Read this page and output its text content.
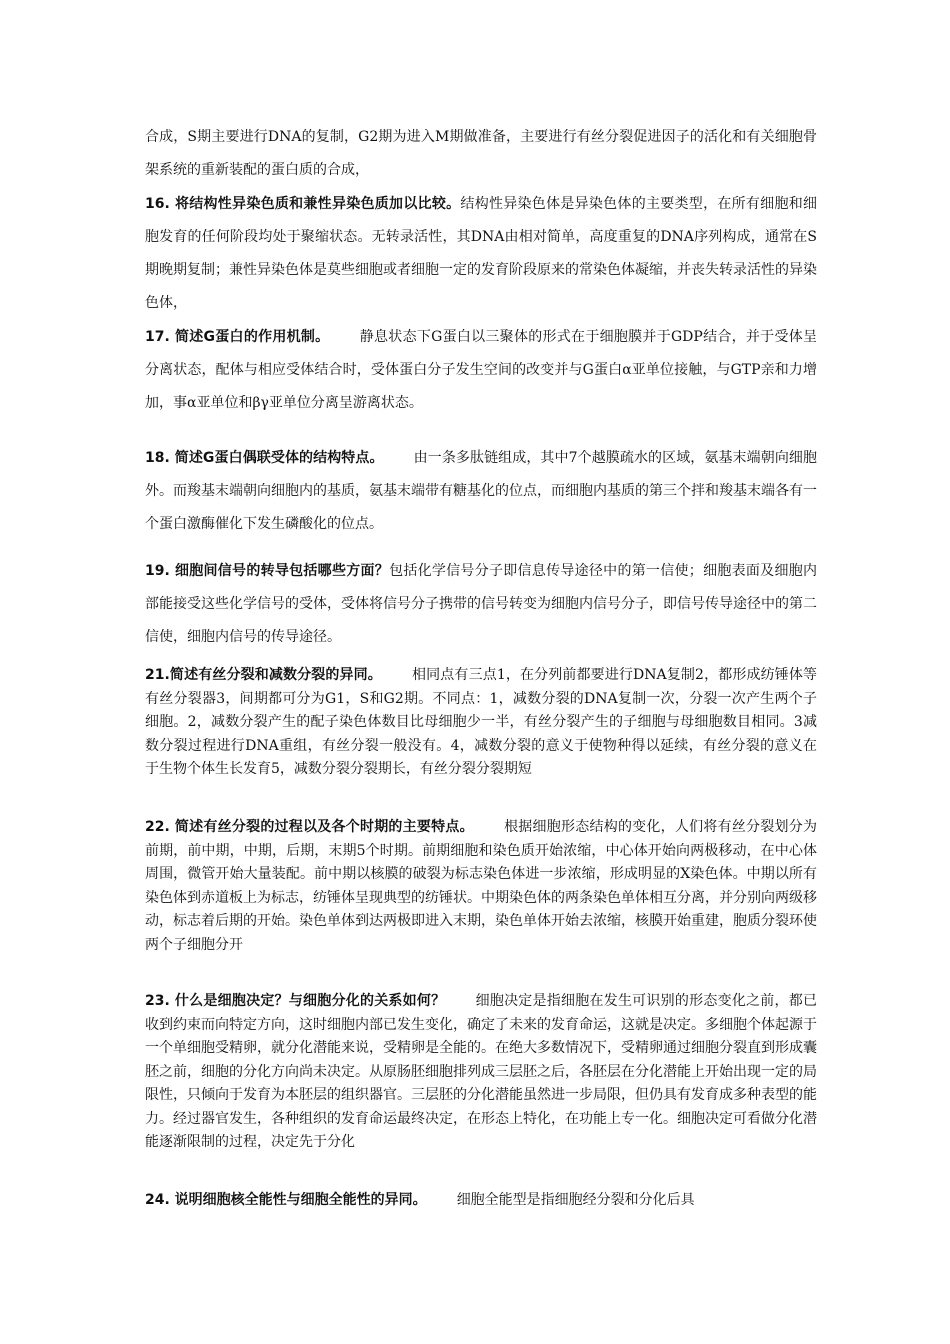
合成，S期主要进行DNA的复制，G2期为进入M期做准备，主要进行有丝分裂促进因子的活化和有关细胞骨架系统的重新装配的蛋白质的合成，

16. 将结构性异染色质和兼性异染色质加以比较。结构性异染色体是异染色体的主要类型，在所有细胞和细胞发育的任何阶段均处于聚缩状态。无转录活性，其DNA由相对简单，高度重复的DNA序列构成，通常在S期晚期复制；兼性异染色体是莫些细胞或者细胞一定的发育阶段原来的常染色体凝缩，并丧失转录活性的异染色体，

17. 简述G蛋白的作用机制。 静息状态下G蛋白以三聚体的形式在于细胞膜并于GDP结合，并于受体呈分离状态，配体与相应受体结合时，受体蛋白分子发生空间的改变并与G蛋白α亚单位接触，与GTP亲和力增加，事α亚单位和βγ亚单位分离呈游离状态。

18. 简述G蛋白偶联受体的结构特点。 由一条多肽链组成，其中7个越膜疏水的区域，氨基末端朝向细胞外。而羧基末端朝向细胞内的基质，氨基末端带有糖基化的位点，而细胞内基质的第三个拌和羧基末端各有一个蛋白激酶催化下发生磷酸化的位点。

19. 细胞间信号的转导包括哪些方面？包括化学信号分子即信息传导途径中的第一信使；细胞表面及细胞内部能接受这些化学信号的受体，受体将信号分子携带的信号转变为细胞内信号分子，即信号传导途径中的第二信使，细胞内信号的传导途径。

21.简述有丝分裂和减数分裂的异同。 相同点有三点1，在分列前都要进行DNA复制2，都形成纺锤体等有丝分裂器3，间期都可分为G1，S和G2期。不同点：1，减数分裂的DNA复制一次，分裂一次产生两个子细胞。2，减数分裂产生的配子染色体数目比母细胞少一半，有丝分裂产生的子细胞与母细胞数目相同。3减数分裂过程进行DNA重组，有丝分裂一般没有。4，减数分裂的意义于使物种得以延续，有丝分裂的意义在于生物个体生长发育5，减数分裂分裂期长，有丝分裂分裂期短

22. 简述有丝分裂的过程以及各个时期的主要特点。 根据细胞形态结构的变化，人们将有丝分裂划分为前期，前中期，中期，后期，末期5个时期。前期细胞和染色质开始浓缩，中心体开始向两极移动，在中心体周围，微管开始大量装配。前中期以核膜的破裂为标志染色体进一步浓缩，形成明显的X染色体。中期以所有染色体到赤道板上为标志，纺锤体呈现典型的纺锤状。中期染色体的两条染色单体相互分离，并分别向两级移动，标志着后期的开始。染色单体到达两极即进入末期，染色单体开始去浓缩，核膜开始重建，胞质分裂环使两个子细胞分开

23. 什么是细胞决定？与细胞分化的关系如何？ 细胞决定是指细胞在发生可识别的形态变化之前，都已收到约束而向特定方向，这时细胞内部已发生变化，确定了未来的发育命运，这就是决定。多细胞个体起源于一个单细胞受精卵，就分化潜能来说，受精卵是全能的。在绝大多数情况下，受精卵通过细胞分裂直到形成囊胚之前，细胞的分化方向尚未决定。从原肠胚细胞排列成三层胚之后，各胚层在分化潜能上开始出现一定的局限性，只倾向于发育为本胚层的组织器官。三层胚的分化潜能虽然进一步局限，但仍具有发育成多种表型的能力。经过器官发生，各种组织的发育命运最终决定，在形态上特化，在功能上专一化。细胞决定可看做分化潜能逐渐限制的过程，决定先于分化

24. 说明细胞核全能性与细胞全能性的异同。 细胞全能型是指细胞经分裂和分化后具
